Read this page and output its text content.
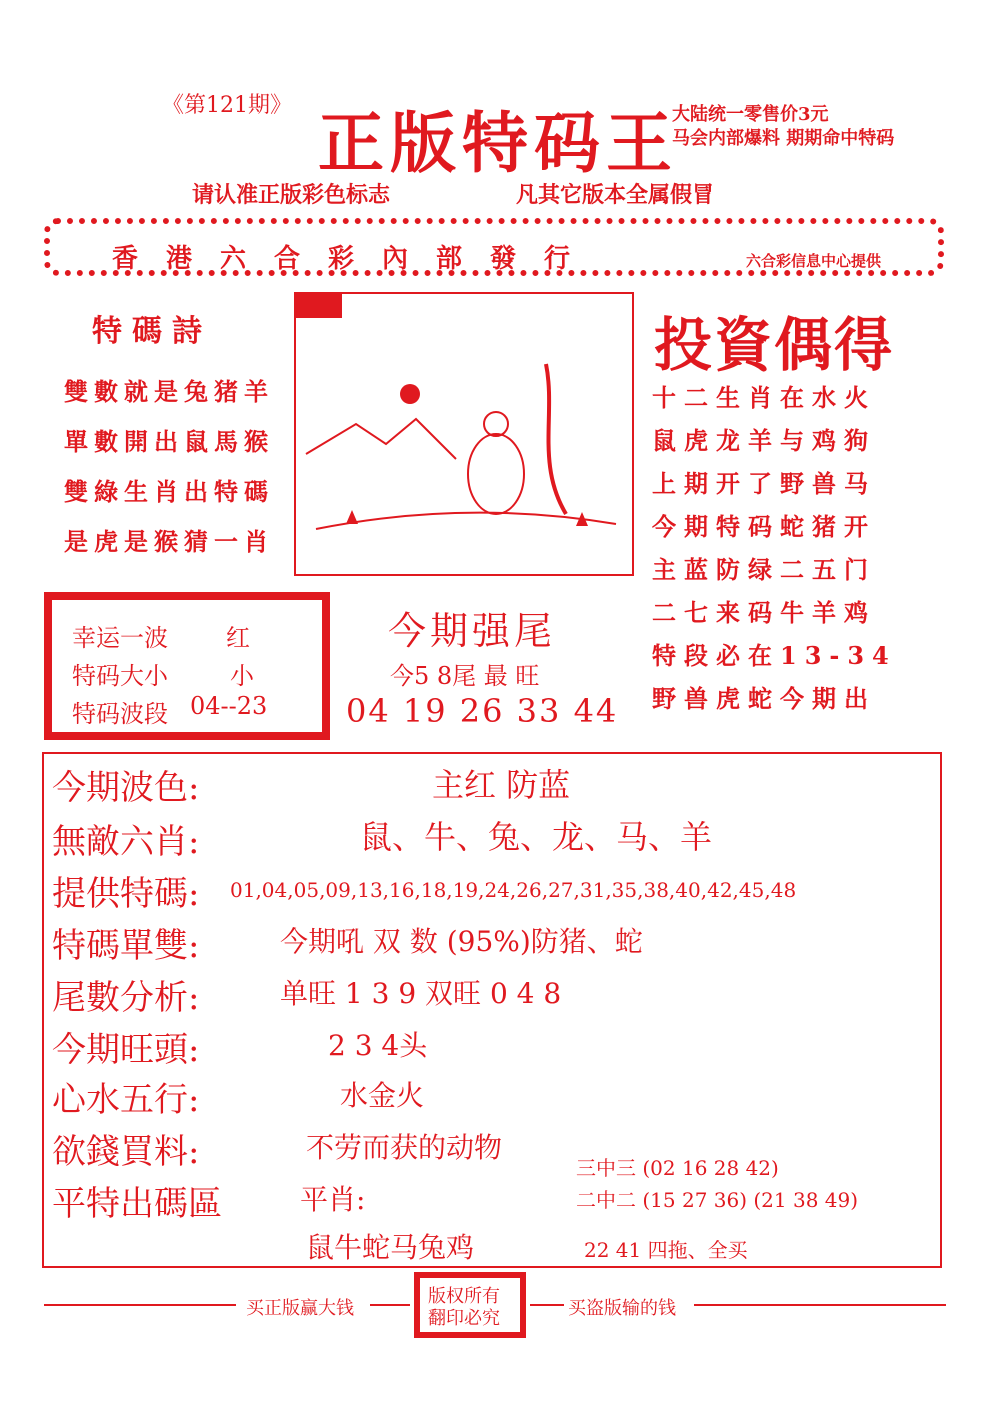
《第121期》 正版特码王
大陆统一零售价3元
马会内部爆料 期期命中特码
请认准正版彩色标志	凡其它版本全属假冒
香港六合彩內部發行	六合彩信息中心提供
特碼詩
雙數就是兔猪羊
單數開出鼠馬猴
雙綠生肖出特碼
是虎是猴猜一肖
投資偶得
十二生肖在水火
鼠虎龙羊与鸡狗
上期开了野兽马
今期特码蛇猪开
主蓝防绿二五门
二七来码牛羊鸡
特段必在13-34
野兽虎蛇今期出
幸运一波 红
特码大小	小
特码波段 04--23
今期强尾
今5 8尾 最 旺
04 19 26 33 44
今期波色:	主红 防蓝
無敵六肖:	鼠、牛、兔、龙、马、羊
提供特碼: 01,04,05,09,13,16,18,19,24,26,27,31,35,38,40,42,45,48
特碼單雙:	今期吼 双 数 (95%)防猪、蛇
尾數分析:	单旺 1 3 9 双旺 0 4 8
今期旺頭:	2 3 4头
心水五行:	水金火
欲錢買料:	不劳而获的动物
平特出碼區	平肖:
鼠牛蛇马兔鸡
三中三 (02 16 28 42)
二中二 (15 27 36) (21 38 49)
22 41 四拖、全买
买正版赢大钱
版权所有
翻印必究	买盗版输的钱
